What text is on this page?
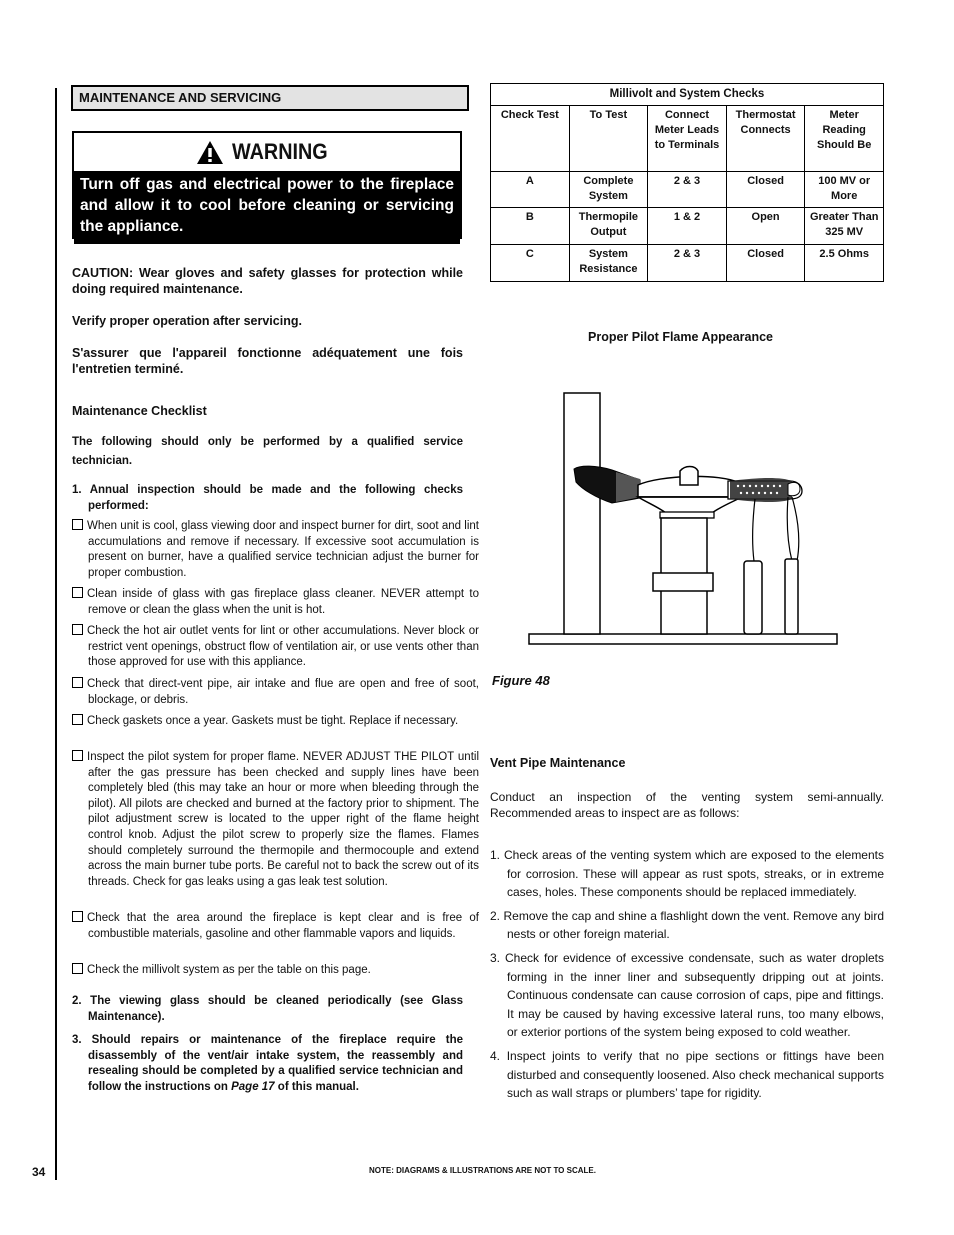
34	NOTE: DIAGRAMS & ILLUSTRATIONS ARE NOT TO SCALE.
MAINTENANCE AND SERVICING
WARNING
Turn off gas and electrical power to the fireplace and allow it to cool before cleaning or servicing the appliance.
CAUTION: Wear gloves and safety glasses for protection while doing required maintenance.
Verify proper operation after servicing.
S'assurer que l'appareil fonctionne adéquatement une fois l'entretien terminé.
Maintenance Checklist
The following should only be performed by a qualified service technician.
1. Annual inspection should be made and the following checks performed:
When unit is cool, glass viewing door and inspect burner for dirt, soot and lint accumulations and remove if necessary. If excessive soot accumulation is present on burner, have a qualified service technician adjust the burner for proper combustion.
Clean inside of glass with gas fireplace glass cleaner. NEVER attempt to remove or clean the glass when the unit is hot.
Check the hot air outlet vents for lint or other accumulations. Never block or restrict vent openings, obstruct flow of ventilation air, or use vents other than those approved for use with this appliance.
Check that direct-vent pipe, air intake and flue are open and free of soot, blockage, or debris.
Check gaskets once a year. Gaskets must be tight. Replace if necessary.
Inspect the pilot system for proper flame. NEVER ADJUST THE PILOT until after the gas pressure has been checked and supply lines have been completely bled (this may take an hour or more when bleeding through the pilot). All pilots are checked and burned at the factory prior to shipment. The pilot adjustment screw is located to the upper right of the flame height control knob. Adjust the pilot screw to properly size the flames. Flames should completely surround the thermopile and thermocouple and extend across the main burner tube ports. Be careful not to back the screw out of its threads. Check for gas leaks using a gas leak test solution.
Check that the area around the fireplace is kept clear and is free of combustible materials, gasoline and other flammable vapors and liquids.
Check the millivolt system as per the table on this page.
2. The viewing glass should be cleaned periodically (see Glass Maintenance).
3. Should repairs or maintenance of the fireplace require the disassembly of the vent/air intake system, the reassembly and resealing should be completed by a qualified service technician and follow the instructions on Page 17 of this manual.
Millivolt and System Checks				
Check Test	To Test	Connect Meter Leads to Terminals	Thermostat Connects	Meter Reading Should Be
A	Complete System	2 & 3	Closed	100 MV or More
B	Thermopile Output	1 & 2	Open	Greater Than 325 MV
C	System Resistance	2 & 3	Closed	2.5 Ohms
Proper Pilot Flame Appearance
Figure 48
Vent Pipe Maintenance
Conduct an inspection of the venting system semi-annually. Recommended areas to inspect are as follows:
1. Check areas of the venting system which are exposed to the elements for corrosion. These will appear as rust spots, streaks, or in extreme cases, holes. These components should be replaced immediately.
2. Remove the cap and shine a flashlight down the vent. Remove any bird nests or other foreign material.
3. Check for evidence of excessive condensate, such as water droplets forming in the inner liner and subsequently dripping out at joints. Continuous condensate can cause corrosion of caps, pipe and fittings. It may be caused by having excessive lateral runs, too many elbows, or exterior portions of the system being exposed to cold weather.
4. Inspect joints to verify that no pipe sections or fittings have been disturbed and consequently loosened. Also check mechanical supports such as wall straps or plumbers’ tape for rigidity.
